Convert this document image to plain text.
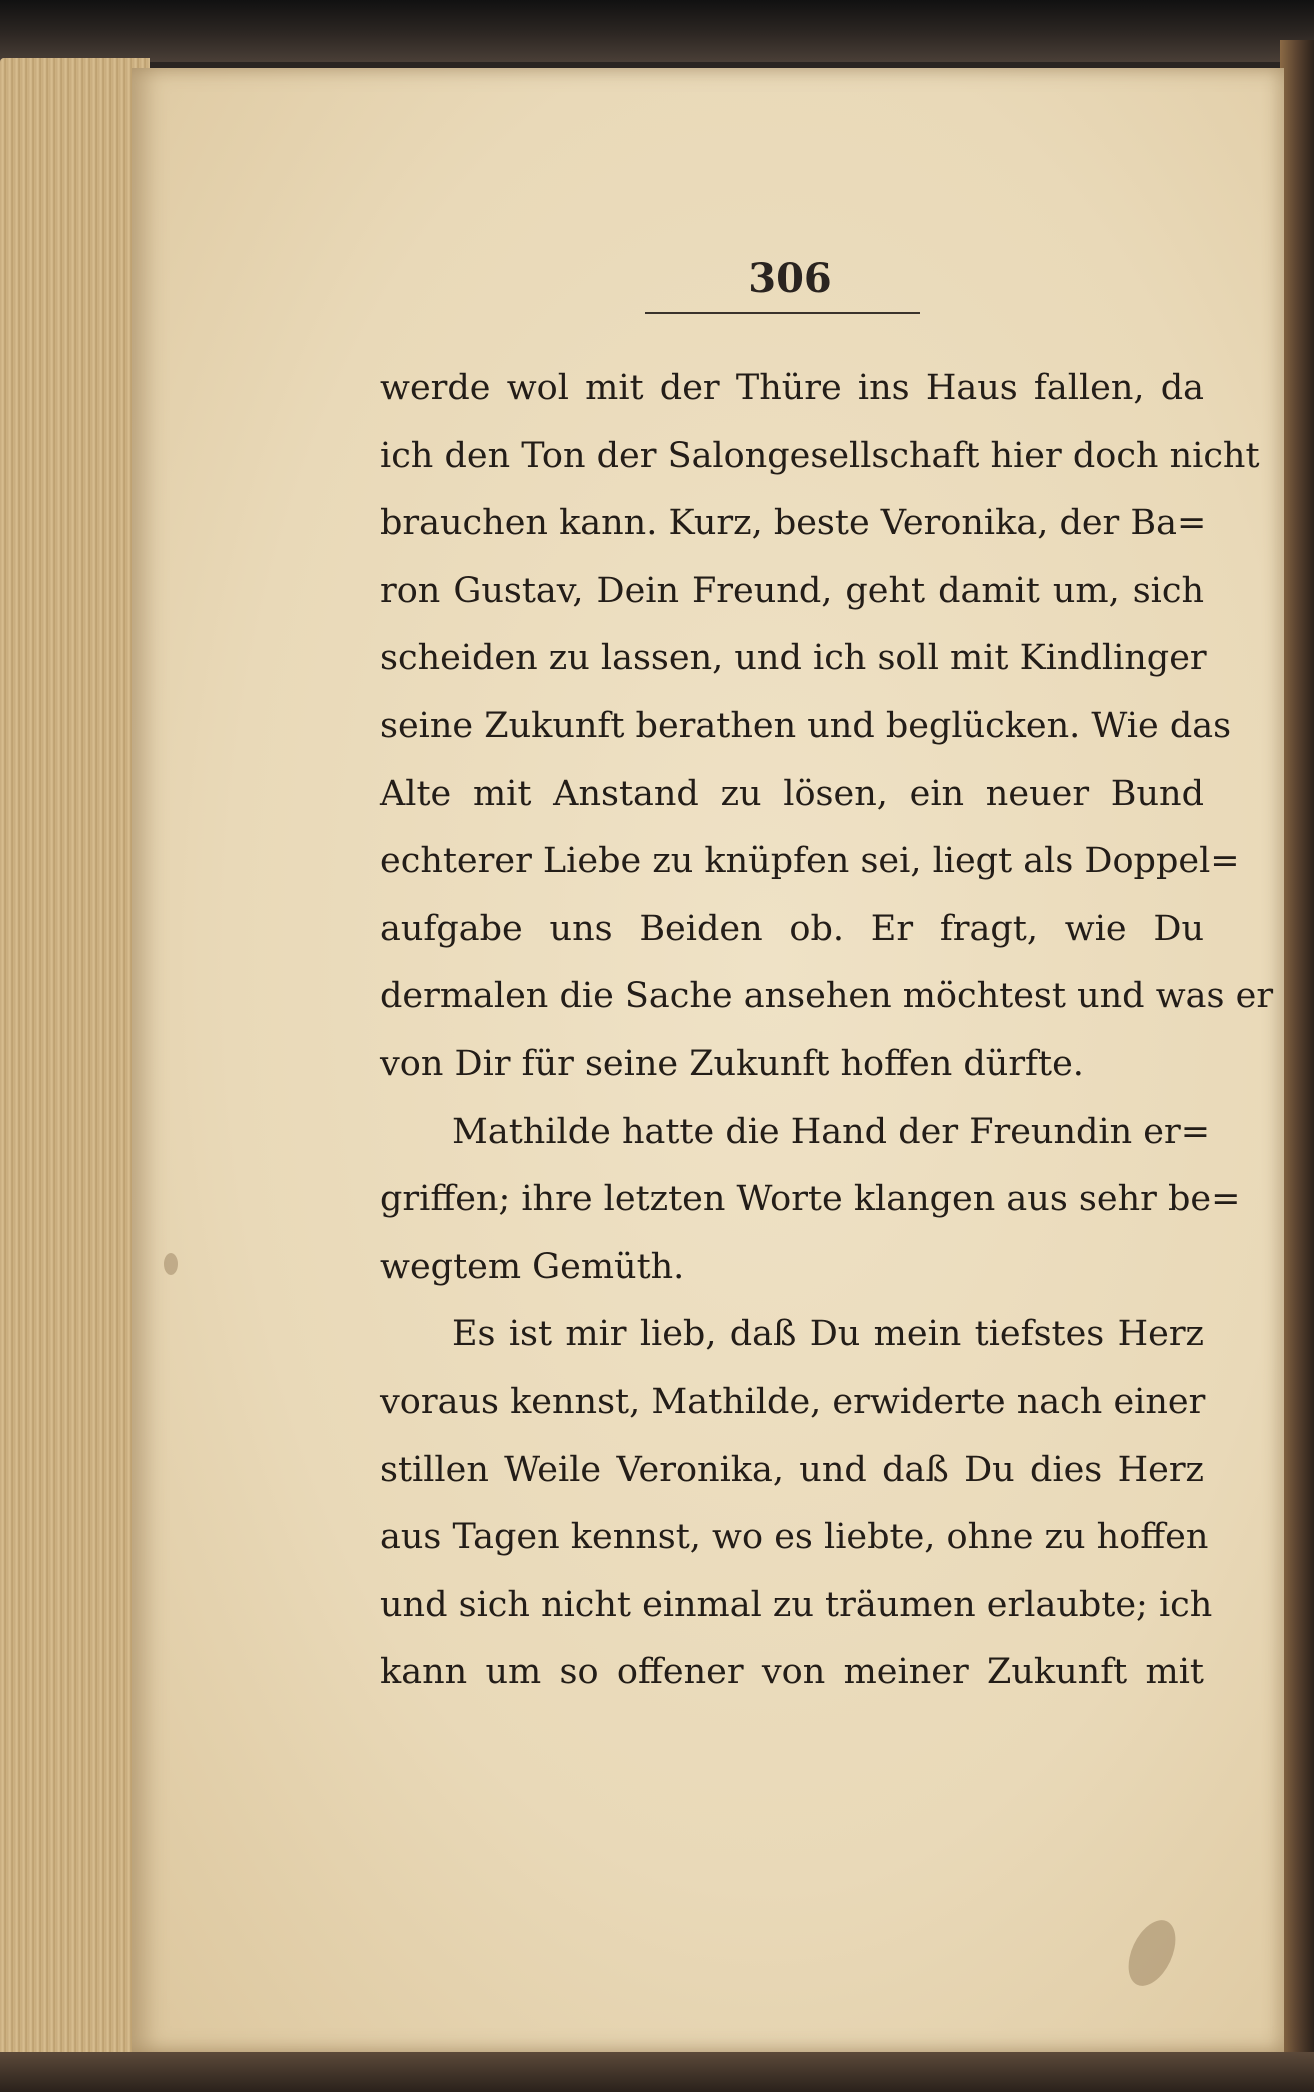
306
werde wol mit der Thüre ins Haus fallen, da
ich den Ton der Salongesellschaft hier doch nicht
brauchen kann. Kurz, beste Veronika, der Ba=
ron Gustav, Dein Freund, geht damit um, sich
scheiden zu lassen, und ich soll mit Kindlinger
seine Zukunft berathen und beglücken. Wie das
Alte mit Anstand zu lösen, ein neuer Bund
echterer Liebe zu knüpfen sei, liegt als Doppel=
aufgabe uns Beiden ob. Er fragt, wie Du
dermalen die Sache ansehen möchtest und was er
von Dir für seine Zukunft hoffen dürfte.
Mathilde hatte die Hand der Freundin er=
griffen; ihre letzten Worte klangen aus sehr be=
wegtem Gemüth.
Es ist mir lieb, daß Du mein tiefstes Herz
voraus kennst, Mathilde, erwiderte nach einer
stillen Weile Veronika, und daß Du dies Herz
aus Tagen kennst, wo es liebte, ohne zu hoffen
und sich nicht einmal zu träumen erlaubte; ich
kann um so offener von meiner Zukunft mit
